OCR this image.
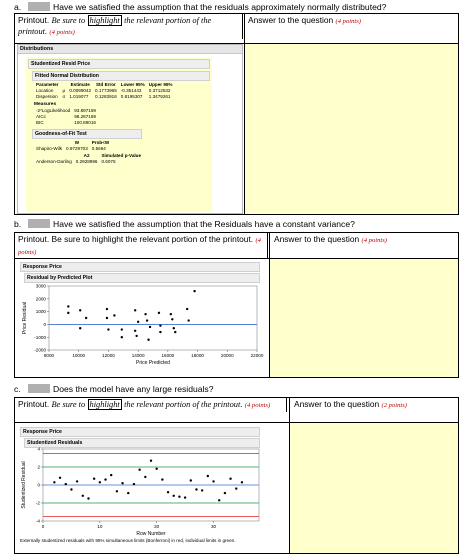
a.	Have we satisfied the assumption that the residuals approximately normally distributed?
Printout. Be sure to highlight the relevant portion of the printout. (4 points)
Answer to the question (4 points)
Distributions
Studentized Resid Price
Fitted Normal Distribution
Parameter		Estimate	Std Error	Lower 95%	Upper 95%
Location	μ	0.0099042	0.1773965	-0.351443	0.3712532
Dispersion	σ	1.019077	0.1283916	0.8195307	1.3479261
Measures
-2*LogLikelihood	93.897169
AICc	98.287169
BIC	100.89016
Goodness-of-Fit Test
	W	Prob<W
Shapiro-Wilk	0.9729703	0.5664
	A2	Simulated p-Value
Anderson-Darling	0.2928996	0.6076
b.	Have we satisfied the assumption that the Residuals have a constant variance?
Printout. Be sure to highlight the relevant portion of the printout. (4 points)
Answer to the question (4 points)
Response Price
Residual by Predicted Plot
-2000
-1000
0
1000
2000
3000
8000	10000	12000	14000	16000	18000	20000	22000
Price Predicted
Price Residual
c.	Does the model have any large residuals?
Printout. Be sure to highlight the relevant portion of the printout. (4 points)	Answer to the question (2 points)
Response Price
Studentized Residuals
-4
-2
0
2
4
0	10	20	30
Row Number
Studentized Residual
Externally studentized residuals with 95% simultaneous limits (Bonferroni) in red, individual limits in green.
